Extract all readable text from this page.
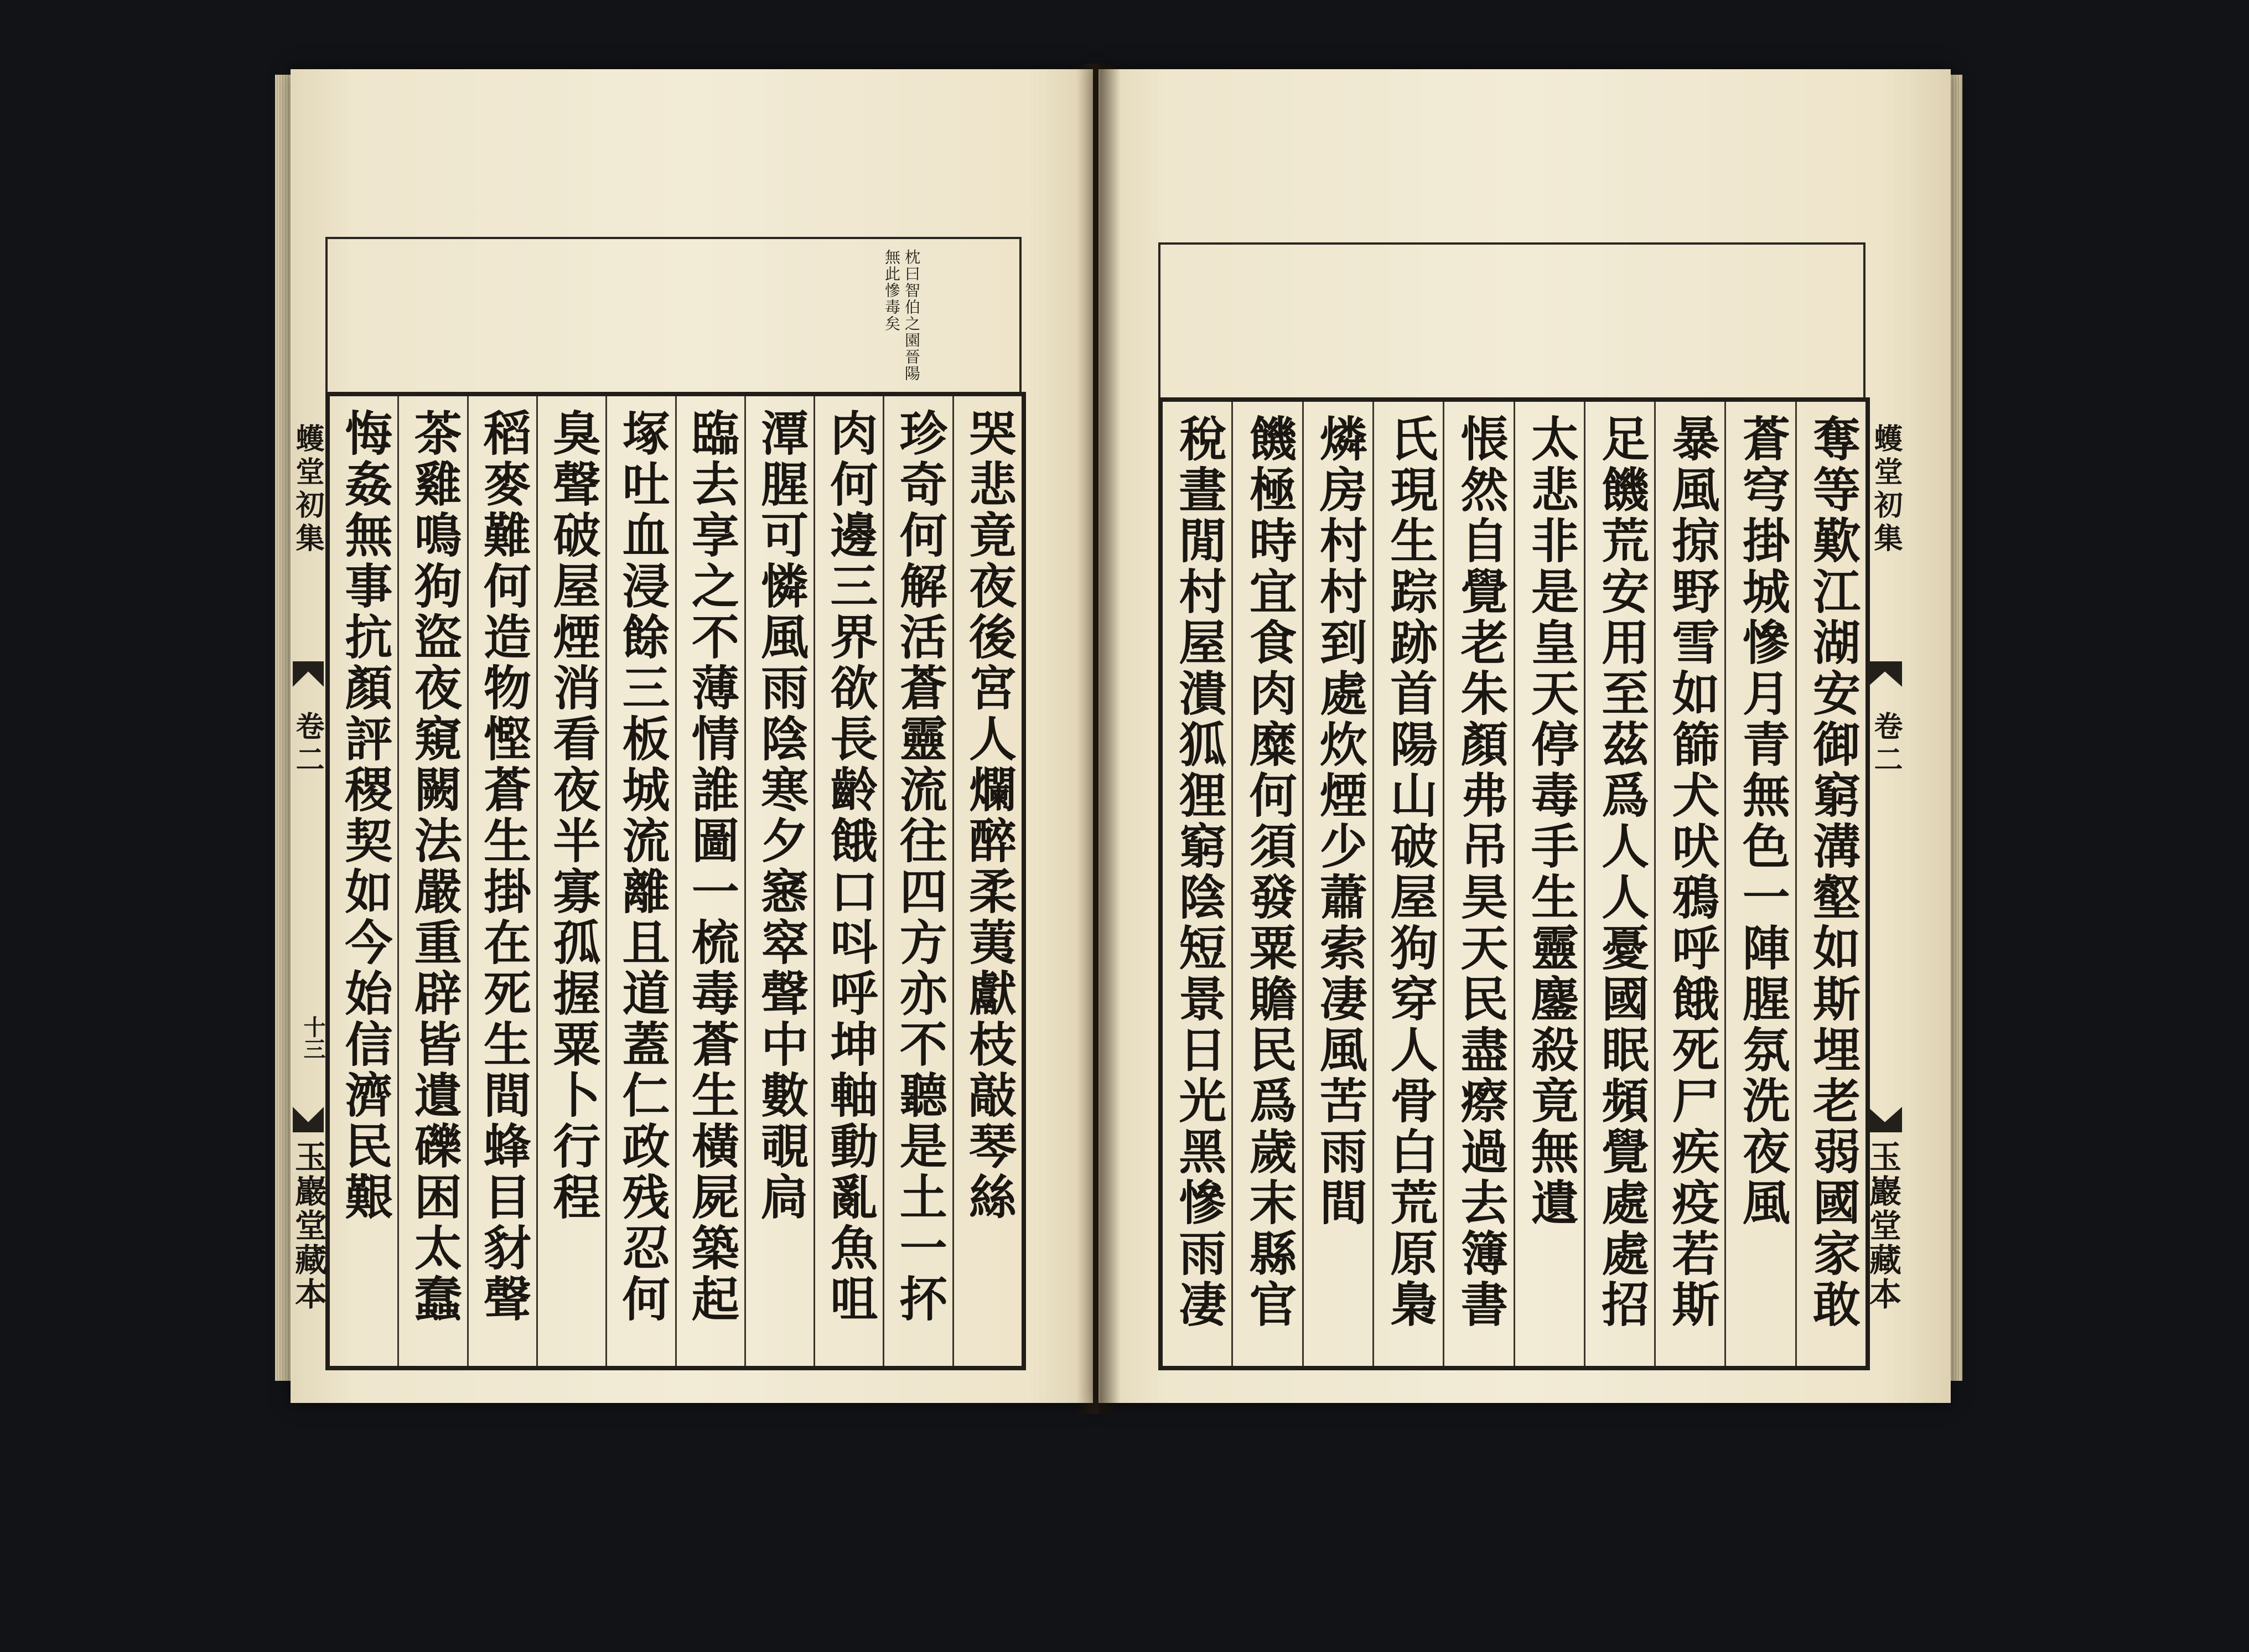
枕曰智伯之園晉陽無此慘毒矣
哭悲竟夜後宮人爛醉柔荑獻枝敲琴絲
珍奇何解活蒼靈流往四方亦不聽是土一抔
肉何邊三界欲長齡餓口呌呼坤軸動亂魚咀
潭腥可憐風雨陰寒夕窸窣聲中數覗扃
臨去享之不薄情誰圖一梳毒蒼生橫屍築起
塚吐血浸餘三板城流離且道蓋仁政残忍何
臭聲破屋煙消看夜半寡孤握粟卜行程
稻麥難何造物慳蒼生掛在死生間蜂目豺聲
茶雞鳴狗盜夜窺闕法嚴重辟皆遺礫困太蠢
悔姦無事抗顏評稷契如今始信濟民艱
蠖堂初集
卷二
十三
玉巖堂藏本
奪等歎江湖安御窮溝壑如斯埋老弱國家敢
蒼穹掛城慘月青無色一陣腥氛洗夜風
暴風掠野雪如篩犬吠鴉呼餓死尸疾疫若斯
足饑荒安用至茲爲人人憂國眠頻覺處處招
太悲非是皇天停毒手生靈鏖殺竟無遺
悵然自覺老朱顏弗吊昊天民盡瘵過去簿書
氏現生踪跡首陽山破屋狗穿人骨白荒原梟
燐房村村到處炊煙少蕭索凄風苦雨間
饑極時宜食肉糜何須發粟贍民爲歲末縣官
稅晝閒村屋潰狐狸窮陰短景日光黑慘雨凄
蠖堂初集
卷二
玉巖堂藏本
